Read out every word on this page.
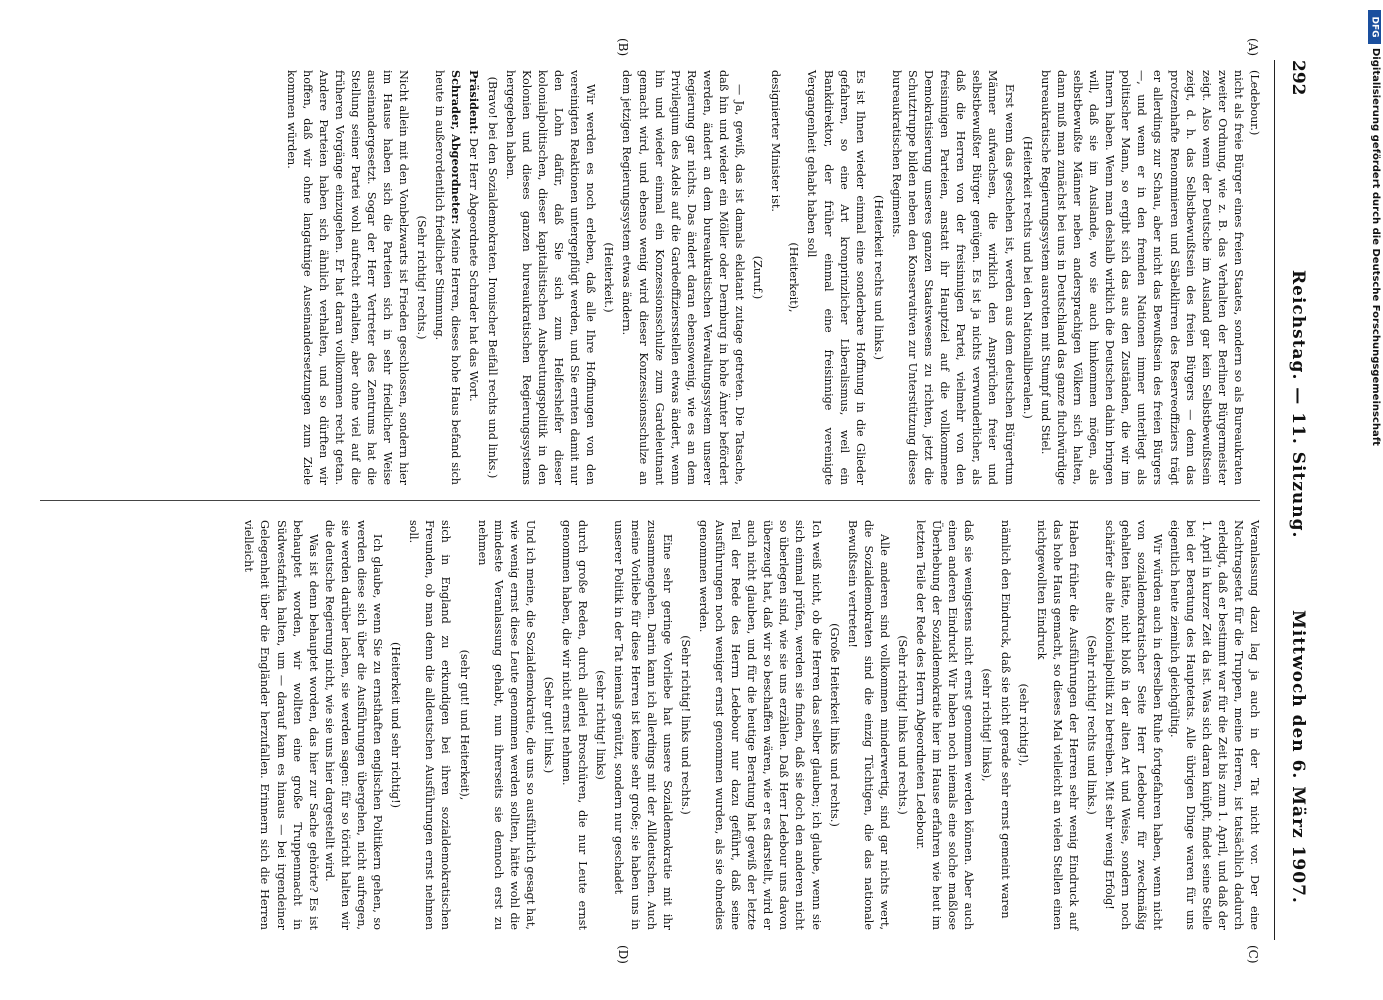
292
Reichstag. — 11. Sitzung.
Mittwoch den 6. März 1907.
(A)
(B)
(C)
(D)

(Ledebour.)

nicht als freie Bürger eines freien Staates, sondern so als Bureaukraten zweiter Ordnung, wie z. B. das Verhalten der Berliner Bürgermeister zeigt. Also wenn der Deutsche im Ausland gar kein Selbstbewußtsein zeigt, d. h. das Selbstbewußtsein des freien Bürgers — denn das protzenhafte Renommieren und Säbelklirren des Reserveoffiziers trägt er allerdings zur Schau, aber nicht das Bewußtsein des freien Bürgers —, und wenn er in den fremden Nationen immer unterliegt als politischer Mann, so ergibt sich das aus den Zuständen, die wir im Innern haben. Wenn man deshalb wirklich die Deutschen dahin bringen will, daß sie im Auslande, wo sie auch hinkommen mögen, als selbstbewußte Männer neben andersprachigen Völkern sich halten, dann muß man zunächst bei uns in Deutschland das ganze fluchwürdige bureaukratische Regierungssystem ausrotten mit Stumpf und Stiel.

(Heiterkeit rechts und bei den Nationalliberalen.)

Erst wenn das geschehen ist, werden aus dem deutschen Bürgertum Männer aufwachsen, die wirklich den Ansprüchen freier und selbstbewußter Bürger genügen. Es ist ja nichts verwunderlicher, als daß die Herren von der freisinnigen Partei, vielmehr von den freisinnigen Parteien, anstatt ihr Hauptziel auf die vollkommene Demokratisierung unseres ganzen Staatswesens zu richten, jetzt die Schutztruppe bilden neben den Konservativen zur Unterstützung dieses bureaukratischen Regiments.

(Heiterkeit rechts und links.)

Es ist Ihnen wieder einmal eine sonderbare Hoffnung in die Glieder gefahren, so eine Art kronprinzlicher Liberalismus, weil ein Bankdirektor, der früher einmal eine freisinnige vereinigte Vergangenheit gehabt haben soll

(Heiterkeit),

designierter Minister ist.

(Zuruf.)

— Ja, gewiß, das ist damals eklatant zutage getreten. Die Tatsache, daß hin und wieder ein Möller oder Dernburg in hohe Ämter befördert werden, ändert an dem bureaukratischen Verwaltungssystem unserer Regierung gar nichts. Das ändert daran ebensowenig, wie es an dem Privilegium des Adels auf die Gardeoffiziersstellen etwas ändert, wenn hin und wieder einmal ein Konzessionsschulze zum Gardeleutnant gemacht wird, und ebenso wenig wird dieser Konzessionsschulze an dem jetzigen Regierungssystem etwas ändern.

(Heiterkeit.)

Wir werden es noch erleben, daß alle Ihre Hoffnungen von den vereinigten Reaktionen untergepflügt werden, und Sie ernten damit nur den Lohn dafür, daß Sie sich zum Helfershelfer dieser kolonialpolitischen, dieser kapitalistischen Ausbeutungspolitik in den Kolonien und dieses ganzen bureaukratischen Regierungssystems hergegeben haben.

(Bravo! bei den Sozialdemokraten. Ironischer Beifall rechts und links.)

Präsident: Der Herr Abgeordnete Schrader hat das Wort.

Schrader, Abgeordneter: Meine Herren, dieses hohe Haus befand sich heute in außerordentlich friedlicher Stimmung.

(Sehr richtig! rechts.)

Nicht allein mit den Vonbelzwarts ist Frieden geschlossen, sondern hier im Hause haben sich die Parteien sich in sehr friedlicher Weise auseinandergesetzt. Sogar der Herr Vertreter des Zentrums hat die Stellung seiner Partei wohl aufrecht erhalten, aber ohne viel auf die früheren Vorgänge einzugehen. Er hat daran vollkommen recht getan. Andere Parteien haben sich ähnlich verhalten, und so dürften wir hoffen, daß wir ohne langatmige Auseinandersetzungen zum Ziele kommen würden.

Veranlassung dazu lag ja auch in der Tat nicht vor. Der eine Nachtragsetat für die Truppen, meine Herren, ist tatsächlich dadurch erledigt, daß er bestimmt war für die Zeit bis zum 1. April, und daß der 1. April in kurzer Zeit da ist. Was sich daran knüpft, findet seine Stelle bei der Beratung des Hauptetats. Alle übrigen Dinge waren für uns eigentlich heute ziemlich gleichgültig.

Wir würden auch in derselben Ruhe fortgefahren haben, wenn nicht von sozialdemokratischer Seite Herr Ledebour für zweckmäßig gehalten hätte, nicht bloß in der alten Art und Weise, sondern noch schärfer die alte Kolonialpolitik zu betreiben. Mit sehr wenig Erfolg!

(Sehr richtig! rechts und links.)

Haben früher die Ausführungen der Herren sehr wenig Eindruck auf das hohe Haus gemacht, so dieses Mal vielleicht an vielen Stellen einen nichtgewollten Eindruck

(sehr richtig!),

nämlich den Eindruck, daß sie nicht gerade sehr ernst gemeint waren

(sehr richtig! links),

daß sie wenigstens nicht ernst genommen werden können. Aber auch einen anderen Eindruck! Wir haben noch niemals eine solche maßlose Überhebung der Sozialdemokratie hier im Hause erfahren wie heut im letzten Teile der Rede des Herrn Abgeordneten Ledebour.

(Sehr richtig! links und rechts.)

Alle anderen sind vollkommen minderwertig, sind gar nichts wert, die Sozialdemokraten sind die einzig Tüchtigen, die das nationale Bewußtsein vertreten!

(Große Heiterkeit links und rechts.)

Ich weiß nicht, ob die Herren das selber glauben; ich glaube, wenn sie sich einmal prüfen, werden sie finden, daß sie doch den anderen nicht so überlegen sind, wie sie uns erzählen. Daß Herr Ledebour uns davon überzeugt hat, daß wir so beschaffen wären, wie er es darstellt, wird er auch nicht glauben, und für die heutige Beratung hat gewiß der letzte Teil der Rede des Herrn Ledebour nur dazu geführt, daß seine Ausführungen noch weniger ernst genommen wurden, als sie ohnedies genommen werden.

(Sehr richtig! links und rechts.)

Eine sehr geringe Vorliebe hat unsere Sozialdemokratie mit ihr zusammengehen. Darin kann ich allerdings mit der Alldeutschen. Auch meine Vorliebe für diese Herren ist keine sehr große; sie haben uns in unserer Politik in der Tat niemals genützt, sondern nur geschadet

(sehr richtig! links)

durch große Reden, durch allerlei Broschüren, die nur Leute ernst genommen haben, die wir nicht ernst nehmen.

(Sehr gut! links.)

Und ich meine, die Sozialdemokratie, die uns so ausführlich gesagt hat, wie wenig ernst diese Leute genommen werden sollten, hätte wohl die mindeste Veranlassung gehabt, nun ihrerseits sie dennoch erst zu nehmen

(sehr gut! und Heiterkeit),

sich in England zu erkundigen bei ihren sozialdemokratischen Freunden, ob man denn die alldeutschen Ausführungen ernst nehmen soll.

(Heiterkeit und sehr richtig!)

Ich glaube, wenn Sie zu ernsthaften englischen Politikern gehen, so werden diese sich über die Ausführungen übergehen, nicht aufregen, sie werden darüber lachen, sie werden sagen: für so töricht halten wir die deutsche Regierung nicht, wie sie uns hier dargestellt wird.

Was ist denn behauptet worden, das hier zur Sache gehörte? Es ist behauptet worden, wir wollten eine große Truppenmacht in Südwestafrika halten, um — darauf kam es hinaus — bei irgendeiner Gelegenheit über die Engländer herzufallen. Erinnern sich die Herren vielleicht

DFG
Digitalisierung gefördert durch die Deutsche Forschungsgemeinschaft
